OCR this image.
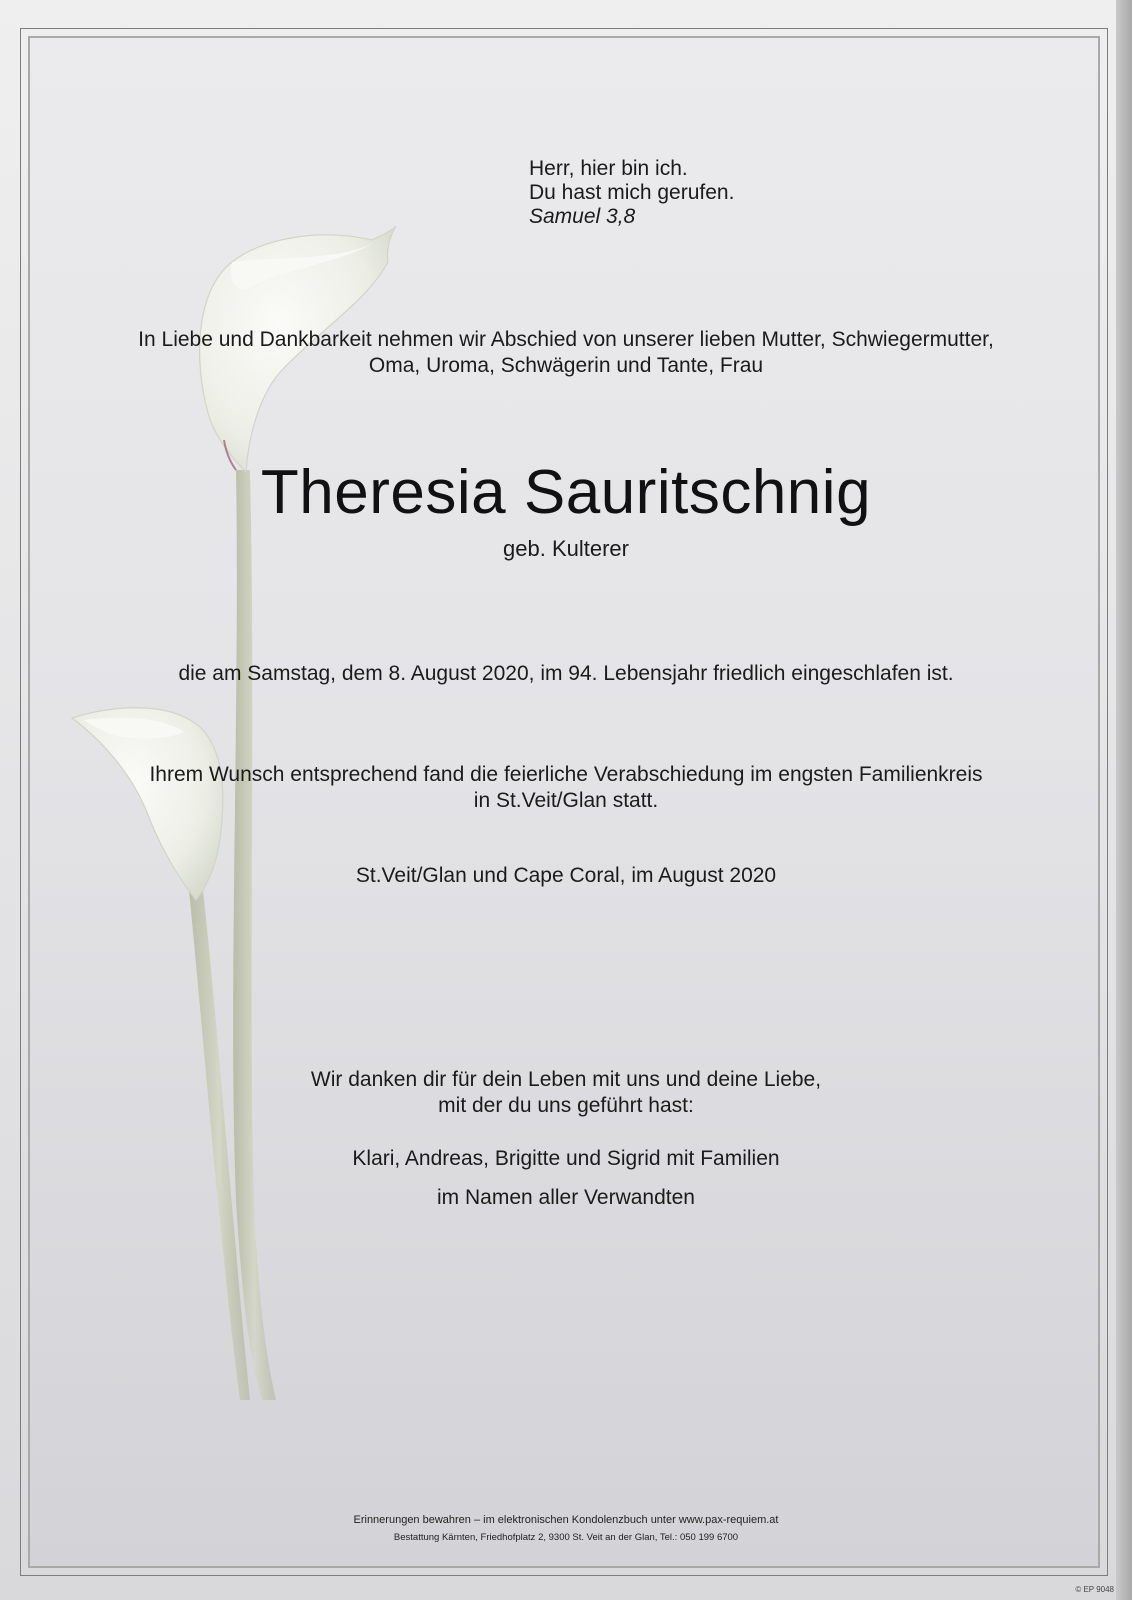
Herr, hier bin ich.
Du hast mich gerufen.
Samuel 3,8
In Liebe und Dankbarkeit nehmen wir Abschied von unserer lieben Mutter, Schwiegermutter,
Oma, Uroma, Schwägerin und Tante, Frau
Theresia Sauritschnig
geb. Kulterer
die am Samstag, dem 8. August 2020, im 94. Lebensjahr friedlich eingeschlafen ist.
Ihrem Wunsch entsprechend fand die feierliche Verabschiedung im engsten Familienkreis
in St.Veit/Glan statt.
St.Veit/Glan und Cape Coral, im August 2020
Wir danken dir für dein Leben mit uns und deine Liebe,
mit der du uns geführt hast:
Klari, Andreas, Brigitte und Sigrid mit Familien
im Namen aller Verwandten
Erinnerungen bewahren – im elektronischen Kondolenzbuch unter www.pax-requiem.at
Bestattung Kärnten, Friedhofplatz 2, 9300 St. Veit an der Glan, Tel.: 050 199 6700
© EP 9048
